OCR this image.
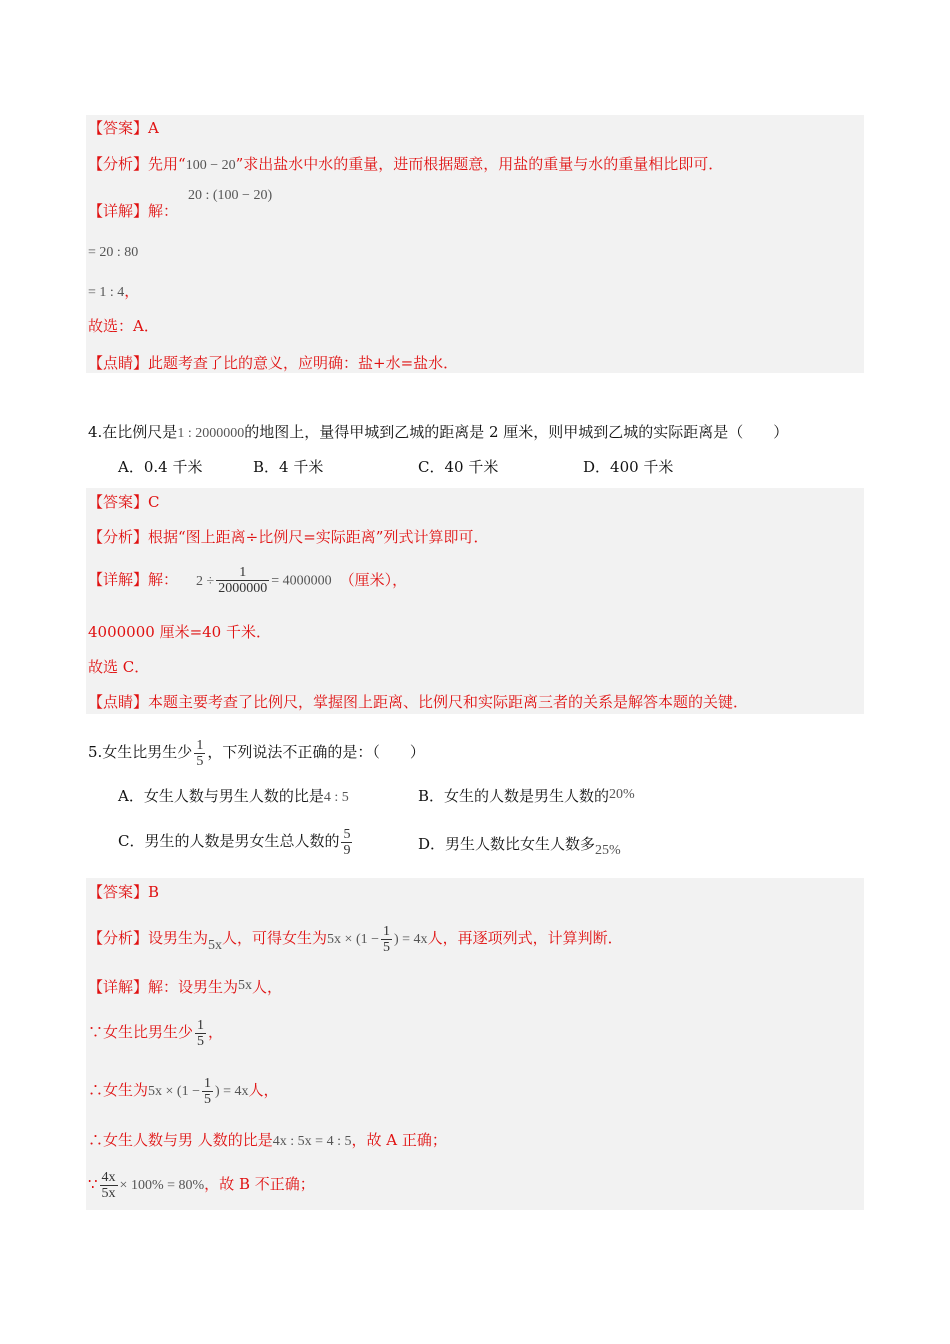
【答案】A
【分析】先用“100 − 20”求出盐水中水的重量，进而根据题意，用盐的重量与水的重量相比即可．
20 : (100 − 20)
【详解】解：
= 20 : 80
= 1 : 4，
故选：A．
【点睛】此题考查了比的意义，应明确：盐+水=盐水．
4.在比例尺是1 : 2000000的地图上，量得甲城到乙城的距离是 2 厘米，则甲城到乙城的实际距离是（　　）
A．0.4 千米	B．4 千米	C．40 千米	D．400 千米
【答案】C
【分析】根据“图上距离÷比例尺=实际距离”列式计算即可．
【详解】解： $2 \div \frac{1}{2000000} = 4000000$ （厘米），
4000000 厘米=40 千米．
故选 C．
【点睛】本题主要考查了比例尺，掌握图上距离、比例尺和实际距离三者的关系是解答本题的关键．
5.女生比男生少 $\frac{1}{5}$ ，下列说法不正确的是：（　　）
A．女生人数与男生人数的比是4 : 5	B．女生的人数是男生人数的20%
C．男生的人数是男女生总人数的 $\frac{5}{9}$	D．男生人数比女生人数多25%
【答案】B
【分析】设男生为5x人，可得女生为$5x \times (1 - \frac{1}{5}$ ) = 4x人，再逐项列式，计算判断．
【详解】解：设男生为5x人，
∵女生比男生少 $\frac{1}{5}$ ，
∴女生为$5x \times (1 - \frac{1}{5}$ ) = 4x人，
∴女生人数与男 人数的比是4x : 5x = 4 : 5，故 A 正确；
∵ $\frac{4x}{5x} \times 100\% = 80\%$，故 B 不正确；
